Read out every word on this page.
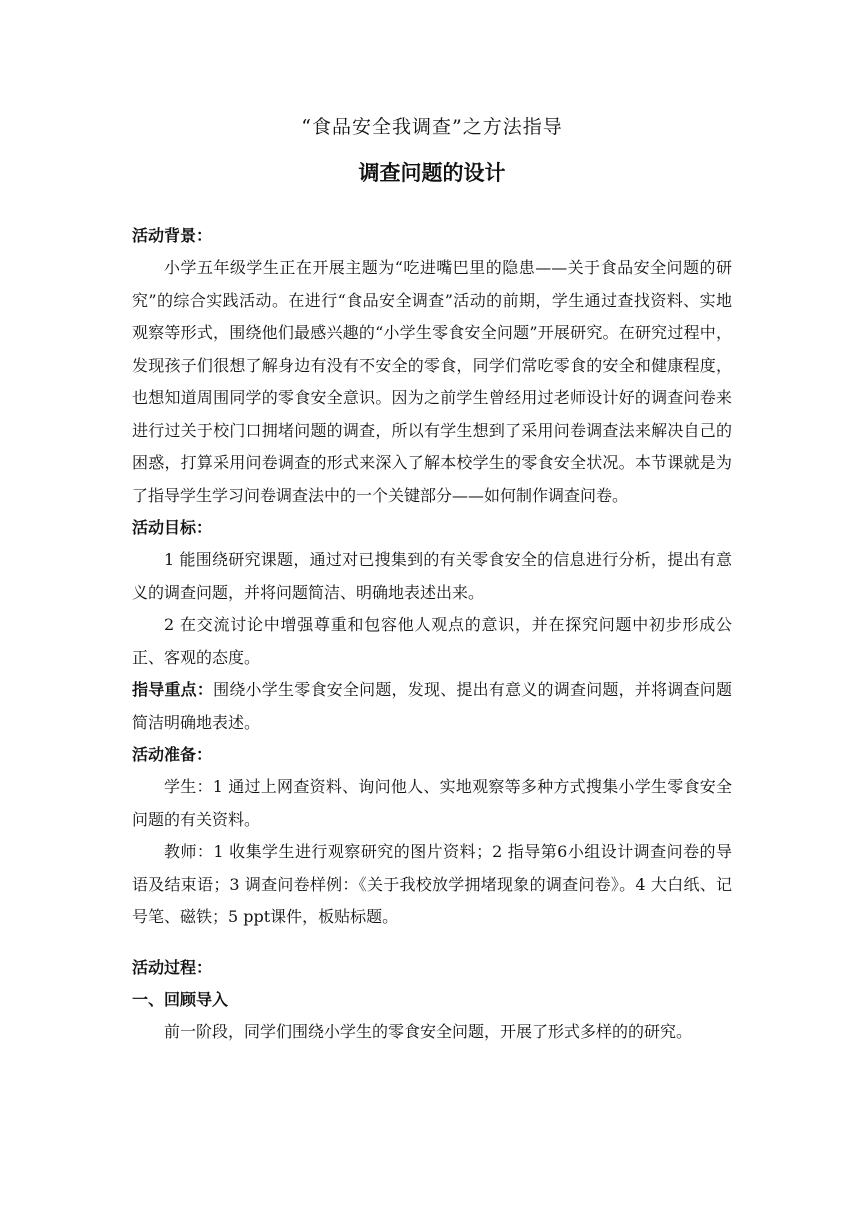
“食品安全我调查”之方法指导
调查问题的设计
活动背景：

小学五年级学生正在开展主题为“吃进嘴巴里的隐患——关于食品安全问题的研究”的综合实践活动。在进行“食品安全调查”活动的前期，学生通过查找资料、实地观察等形式，围绕他们最感兴趣的“小学生零食安全问题”开展研究。在研究过程中，发现孩子们很想了解身边有没有不安全的零食，同学们常吃零食的安全和健康程度，也想知道周围同学的零食安全意识。因为之前学生曾经用过老师设计好的调查问卷来进行过关于校门口拥堵问题的调查，所以有学生想到了采用问卷调查法来解决自己的困惑，打算采用问卷调查的形式来深入了解本校学生的零食安全状况。本节课就是为了指导学生学习问卷调查法中的一个关键部分——如何制作调查问卷。

活动目标：

1 能围绕研究课题，通过对已搜集到的有关零食安全的信息进行分析，提出有意义的调查问题，并将问题简洁、明确地表述出来。

2 在交流讨论中增强尊重和包容他人观点的意识，并在探究问题中初步形成公正、客观的态度。

指导重点：围绕小学生零食安全问题，发现、提出有意义的调查问题，并将调查问题简洁明确地表述。

活动准备：

学生：1 通过上网查资料、询问他人、实地观察等多种方式搜集小学生零食安全问题的有关资料。

教师：1 收集学生进行观察研究的图片资料；2 指导第6小组设计调查问卷的导语及结束语；3 调查问卷样例：《关于我校放学拥堵现象的调查问卷》。4 大白纸、记号笔、磁铁；5 ppt课件，板贴标题。

活动过程：
一、回顾导入

前一阶段，同学们围绕小学生的零食安全问题，开展了形式多样的的研究。
